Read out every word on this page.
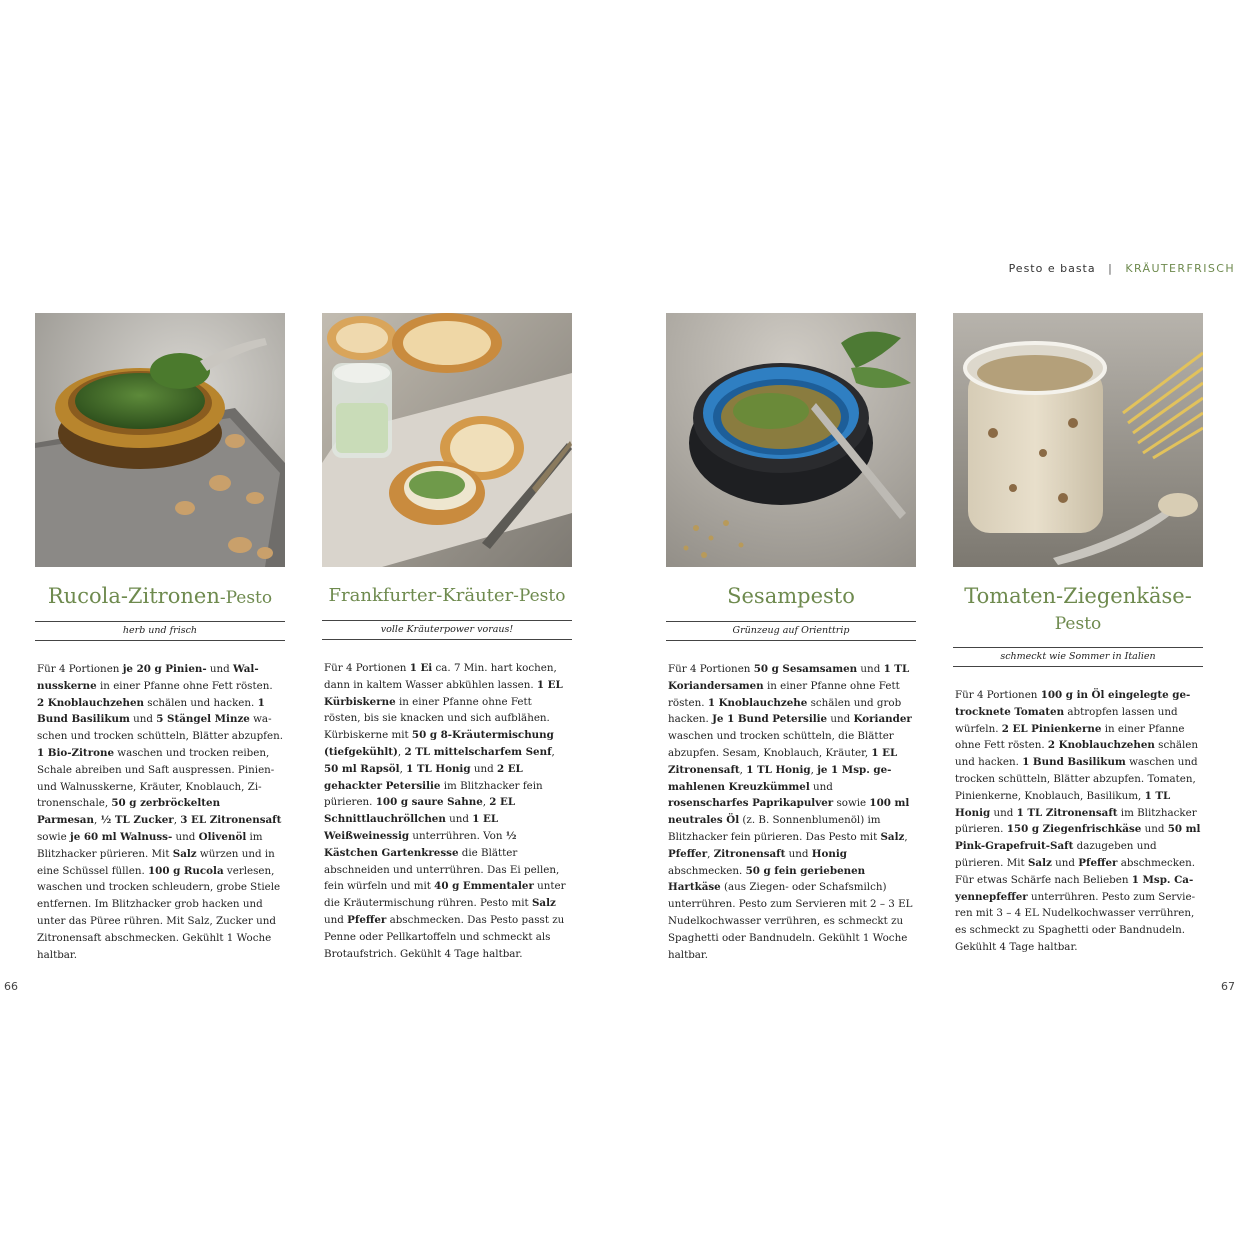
Pesto e basta | KRÄUTERFRISCH
Rucola-Zitronen-Pesto
herb und frisch
Für 4 Portionen je 20 g Pinien- und Walnusskerne in einer Pfanne ohne Fett rösten. 2 Knoblauchzehen schälen und hacken. 1 Bund Basilikum und 5 Stängel Minze waschen und trocken schütteln, Blätter abzupfen. 1 Bio-Zitrone waschen und trocken reiben, Schale abreiben und Saft auspressen. Pinien- und Walnusskerne, Kräuter, Knoblauch, Zitronenschale, 50 g zerbröckelten Parmesan, ½ TL Zucker, 3 EL Zitronensaft sowie je 60 ml Walnuss- und Olivenöl im Blitzhacker pürieren. Mit Salz würzen und in eine Schüssel füllen. 100 g Rucola verlesen, waschen und trocken schleudern, grobe Stiele entfernen. Im Blitzhacker grob hacken und unter das Püree rühren. Mit Salz, Zucker und Zitronensaft abschmecken. Gekühlt 1 Woche haltbar.
Frankfurter-Kräuter-Pesto
volle Kräuterpower voraus!
Für 4 Portionen 1 Ei ca. 7 Min. hart kochen, dann in kaltem Wasser abkühlen lassen. 1 EL Kürbiskerne in einer Pfanne ohne Fett rösten, bis sie knacken und sich aufblähen. Kürbiskerne mit 50 g 8-Kräutermischung (tiefgekühlt), 2 TL mittelscharfem Senf, 50 ml Rapsöl, 1 TL Honig und 2 EL gehackter Petersilie im Blitzhacker fein pürieren. 100 g saure Sahne, 2 EL Schnittlauchröllchen und 1 EL Weißweinessig unterrühren. Von ½ Kästchen Gartenkresse die Blätter abschneiden und unterrühren. Das Ei pellen, fein würfeln und mit 40 g Emmentaler unter die Kräutermischung rühren. Pesto mit Salz und Pfeffer abschmecken. Das Pesto passt zu Penne oder Pellkartoffeln und schmeckt als Brotaufstrich. Gekühlt 4 Tage haltbar.
Sesampesto
Grünzeug auf Orienttrip
Für 4 Portionen 50 g Sesamsamen und 1 TL Koriandersamen in einer Pfanne ohne Fett rösten. 1 Knoblauchzehe schälen und grob hacken. Je 1 Bund Petersilie und Koriander waschen und trocken schütteln, die Blätter abzupfen. Sesam, Knoblauch, Kräuter, 1 EL Zitronensaft, 1 TL Honig, je 1 Msp. gemahlenen Kreuzkümmel und rosenscharfes Paprikapulver sowie 100 ml neutrales Öl (z. B. Sonnenblumenöl) im Blitzhacker fein pürieren. Das Pesto mit Salz, Pfeffer, Zitronensaft und Honig abschmecken. 50 g fein geriebenen Hartkäse (aus Ziegen- oder Schafsmilch) unterrühren. Pesto zum Servieren mit 2 – 3 EL Nudelkochwasser verrühren, es schmeckt zu Spaghetti oder Bandnudeln. Gekühlt 1 Woche haltbar.
Tomaten-Ziegenkäse-
Pesto
schmeckt wie Sommer in Italien
Für 4 Portionen 100 g in Öl eingelegte getrocknete Tomaten abtropfen lassen und würfeln. 2 EL Pinienkerne in einer Pfanne ohne Fett rösten. 2 Knoblauchzehen schälen und hacken. 1 Bund Basilikum waschen und trocken schütteln, Blätter abzupfen. Tomaten, Pinienkerne, Knoblauch, Basilikum, 1 TL Honig und 1 TL Zitronensaft im Blitzhacker pürieren. 150 g Ziegenfrischkäse und 50 ml Pink-Grapefruit-Saft dazugeben und pürieren. Mit Salz und Pfeffer abschmecken. Für etwas Schärfe nach Belieben 1 Msp. Cayennepfeffer unterrühren. Pesto zum Servieren mit 3 – 4 EL Nudelkochwasser verrühren, es schmeckt zu Spaghetti oder Bandnudeln. Gekühlt 4 Tage haltbar.
66	67
